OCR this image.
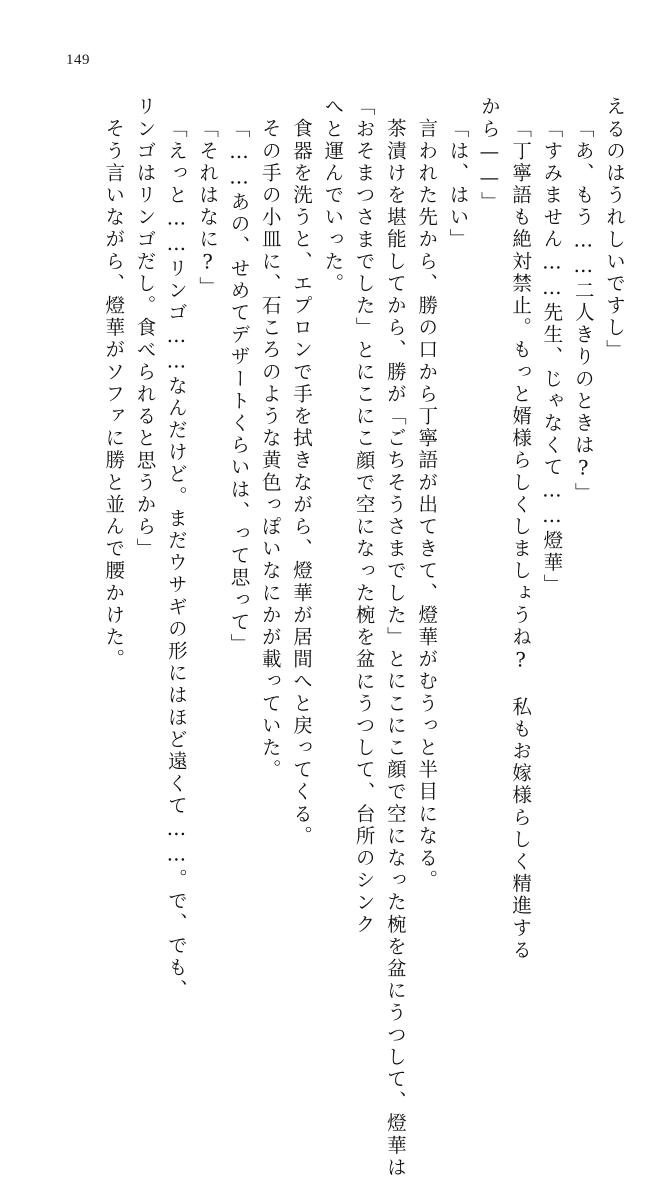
149
えるのはうれしいですし」
「あ、もう……二人きりのときは?」
「すみません……先生、じゃなくて……燈華」
「丁寧語も絶対禁止。もっと婿様らしくしましょうね?　私もお嫁様らしく精進する
から——」
「は、はい」
言われた先から、勝の口から丁寧語が出てきて、燈華がむうっと半目になる。
茶漬けを堪能してから、勝が「ごちそうさまでした」とにこにこ顔で空になった椀を盆にうつして、燈華は
「おそまつさまでした」とにこにこ顔で空になった椀を盆にうつして、台所のシンク
へと運んでいった。
食器を洗うと、エプロンで手を拭きながら、燈華が居間へと戻ってくる。
その手の小皿に、石ころのような黄色っぽいなにかが載っていた。
「……あの、せめてデザートくらいは、って思って」
「それはなに?」
「えっと……リンゴ……なんだけど。まだウサギの形にはほど遠くて……。で、でも、
リンゴはリンゴだし。食べられると思うから」
そう言いながら、燈華がソファに勝と並んで腰かけた。
